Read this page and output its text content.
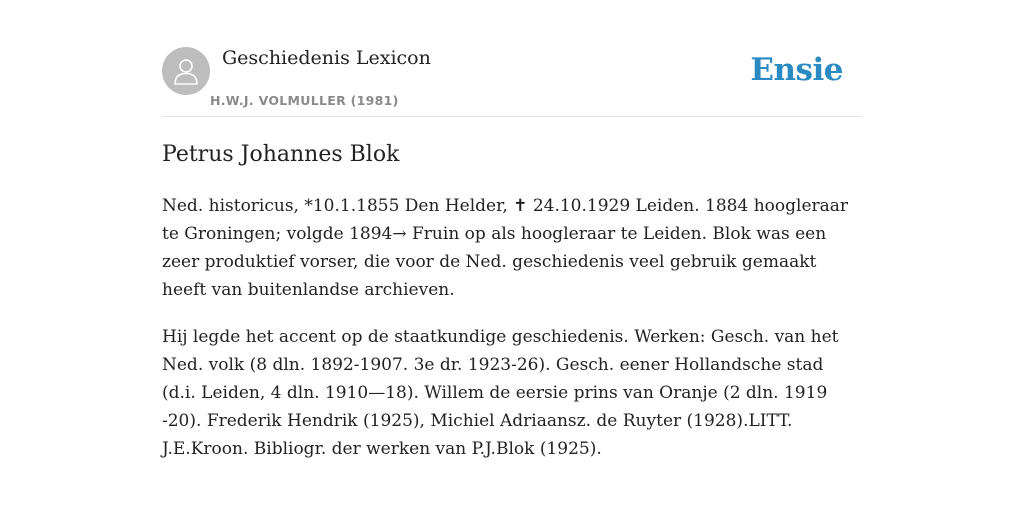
Geschiedenis Lexicon
H.W.J. VOLMULLER (1981)
Ensie
Petrus Johannes Blok

Ned. historicus, *10.1.1855 Den Helder, ✝ 24.10.1929 Leiden. 1884 hoogleraar te Groningen; volgde 1894→ Fruin op als hoogleraar te Leiden. Blok was een zeer produktief vorser, die voor de Ned. geschiedenis veel gebruik gemaakt heeft van buitenlandse archieven.

Hij legde het accent op de staatkundige geschiedenis. Werken: Gesch. van het Ned. volk (8 dln. 1892-1907. 3e dr. 1923-26). Gesch. eener Hollandsche stad (d.i. Leiden, 4 dln. 1910—18). Willem de eersie prins van Oranje (2 dln. 1919 -20). Frederik Hendrik (1925), Michiel Adriaansz. de Ruyter (1928).LITT. J.E.Kroon. Bibliogr. der werken van P.J.Blok (1925).
